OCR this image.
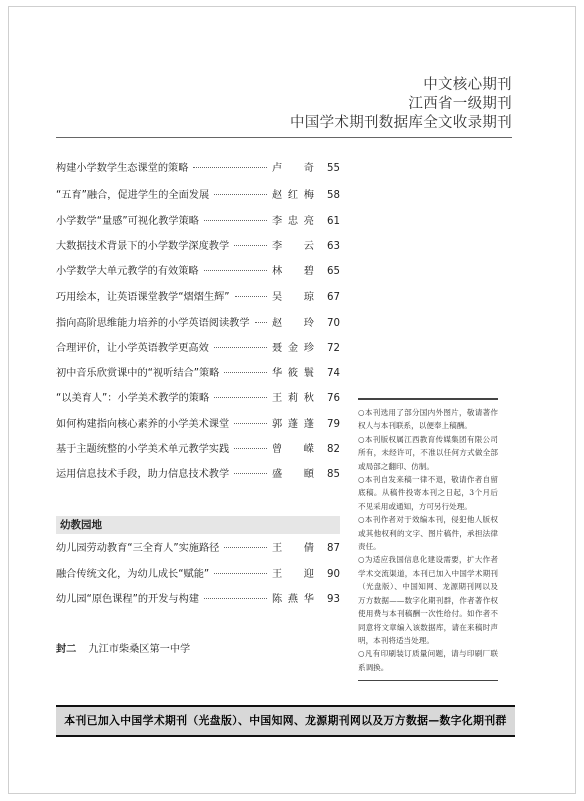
中文核心期刊
江西省一级期刊
中国学术期刊数据库全文收录期刊
构建小学数学生态课堂的策略	卢奇	55
“五育”融合，促进学生的全面发展	赵红梅	58
小学数学“量感”可视化教学策略	李忠亮	61
大数据技术背景下的小学数学深度教学	李云	63
小学数学大单元教学的有效策略	林碧	65
巧用绘本，让英语课堂教学“熠熠生辉”	吴琼	67
指向高阶思维能力培养的小学英语阅读教学 赵玲	70
合理评价，让小学英语教学更高效	聂金珍	72
初中音乐欣赏课中的“视听结合”策略	华筱鬟	74
“以美育人”：小学美术教学的策略	王莉秋	76
如何构建指向核心素养的小学美术课堂	郭蓬蓬	79
基于主题统整的小学美术单元教学实践	曾嵘	82
运用信息技术手段，助力信息技术教学	盛頤	85
幼教园地
幼儿园劳动教育“三全育人”实施路径	王倩	87
融合传统文化，为幼儿成长“赋能”	王迎	90
幼儿园“原色课程”的开发与构建	陈燕华	93
封二 九江市柴桑区第一中学

○本刊选用了部分国内外图片，敬请著作权人与本刊联系，以便奉上稿酬。

○本刊版权属江西教育传媒集团有限公司所有，未经许可，不准以任何方式做全部或局部之翻印、仿制。

○本刊自发来稿一律不退，敬请作者自留底稿。从稿件投寄本刊之日起，3个月后不见采用或通知，方可另行处理。

○本刊作者对于效编本刊，侵犯他人版权或其他权利的文字、图片稿件，承担法律责任。

○为适应我国信息化建设需要，扩大作者学术交流渠道，本刊已加入中国学术期刊（光盘版）、中国知网、龙源期刊网以及万方数据——数字化期刊群，作者著作权使用费与本刊稿酬一次性给付。如作者不同意将文章编入该数据库，请在来稿时声明，本刊将适当处理。

○凡有印刷装订质量问题，请与印刷厂联系调换。

本刊已加入中国学术期刊（光盘版）、中国知网、龙源期刊网以及万方数据—数字化期刊群
